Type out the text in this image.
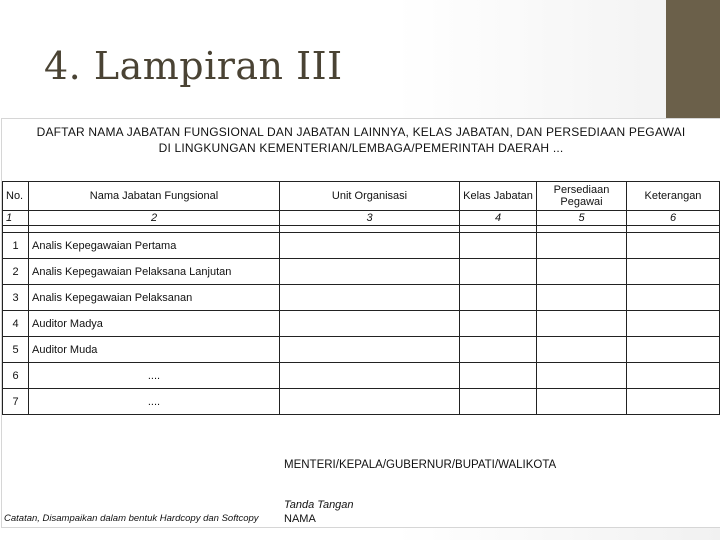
4. Lampiran III
DAFTAR NAMA JABATAN FUNGSIONAL DAN JABATAN LAINNYA, KELAS JABATAN, DAN PERSEDIAAN PEGAWAI
DI LINGKUNGAN KEMENTERIAN/LEMBAGA/PEMERINTAH DAERAH ...
No.	Nama Jabatan Fungsional	Unit Organisasi	Kelas Jabatan	Persediaan Pegawai	Keterangan
1	2	3	4	5	6

1	Analis Kepegawaian Pertama				
2	Analis Kepegawaian Pelaksana Lanjutan				
3	Analis Kepegawaian Pelaksanan				
4	Auditor Madya				
5	Auditor Muda				
6	....				
7	....				
MENTERI/KEPALA/GUBERNUR/BUPATI/WALIKOTA
Tanda Tangan
NAMA
Catatan, Disampaikan dalam bentuk Hardcopy dan Softcopy
